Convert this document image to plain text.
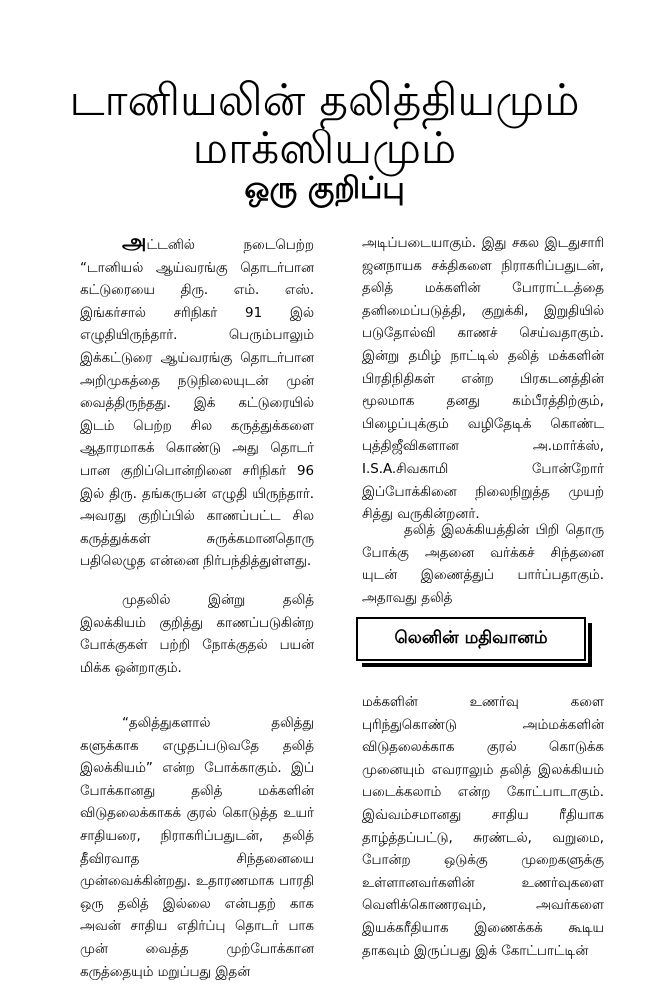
டானியலின் தலித்தியமும்
மாக்ஸியமும்
ஒரு குறிப்பு

அட்டனில் நடைபெற்ற “டானியல் ஆய்வரங்கு தொடர்பான கட்டுரையை திரு. எம். எஸ். இங்கர்சால் சரிநிகர் 91 இல் எழுதியிருந்தார். பெரும்பாலும் இக்கட்டுரை ஆய்வரங்கு தொடர்பான அறிமுகத்தை நடுநிலையுடன் முன் வைத்திருந்தது. இக் கட்டுரையில் இடம் பெற்ற சில கருத்துக்களை ஆதாரமாகக் கொண்டு அது தொடர் பான குறிப்பொன்றினை சரிநிகர் 96 இல் திரு. தங்கருபன் எழுதி யிருந்தார். அவரது குறிப்பில் காணப்பட்ட சில கருத்துக்கள் சுருக்கமானதொரு பதிலெழுத என்னை நிர்பந்தித்துள்ளது.

முதலில் இன்று தலித் இலக்கியம் குறித்து காணப்படுகின்ற போக்குகள் பற்றி நோக்குதல் பயன் மிக்க ஒன்றாகும்.

“தலித்துகளால் தலித்து களுக்காக எழுதப்படுவதே தலித் இலக்கியம்” என்ற போக்காகும். இப் போக்கானது தலித் மக்களின் விடுதலைக்காகக் குரல் கொடுத்த உயர் சாதியரை, நிராகரிப்பதுடன், தலித் தீவிரவாத சிந்தனையை முன்வைக்கின்றது. உதாரணமாக பாரதி ஒரு தலித் இல்லை என்பதற் காக அவன் சாதிய எதிர்ப்பு தொடர் பாக முன் வைத்த முற்போக்கான கருத்தையும் மறுப்பது இதன்

அடிப்படையாகும். இது சகல இடதுசாரி ஜனநாயக சக்திகளை நிராகரிப்பதுடன், தலித் மக்களின் போராட்டத்தை தனிமைப்படுத்தி, குறுக்கி, இறுதியில் படுதோல்வி காணச் செய்வதாகும். இன்று தமிழ் நாட்டில் தலித் மக்களின் பிரதிநிதிகள் என்ற பிரகடனத்தின் மூலமாக தனது கம்பீரத்திற்கும், பிழைப்புக்கும் வழிதேடிக் கொண்ட புத்திஜீவிகளான அ.மார்க்ஸ், I.S.A.சிவகாமி போன்றோர் இப்போக்கினை நிலைநிறுத்த முயற் சித்து வருகின்றனர்.

தலித் இலக்கியத்தின் பிறி தொரு போக்கு அதனை வர்க்கச் சிந்தனை யுடன் இணைத்துப் பார்ப்பதாகும். அதாவது தலித்

லெனின் மதிவானம்

மக்களின் உணர்வு களை புரிந்துகொண்டு அம்மக்களின் விடுதலைக்காக குரல் கொடுக்க முனையும் எவராலும் தலித் இலக்கியம் படைக்கலாம் என்ற கோட்பாடாகும். இவ்வம்சமானது சாதிய ரீதியாக தாழ்த்தப்பட்டு, சுரண்டல், வறுமை, போன்ற ஒடுக்கு முறைகளுக்கு உள்ளானவர்களின் உணர்வுகளை வெளிக்கொணரவும், அவர்களை இயக்கரீதியாக இணைக்கக் கூடிய தாகவும் இருப்பது இக் கோட்பாட்டின்
